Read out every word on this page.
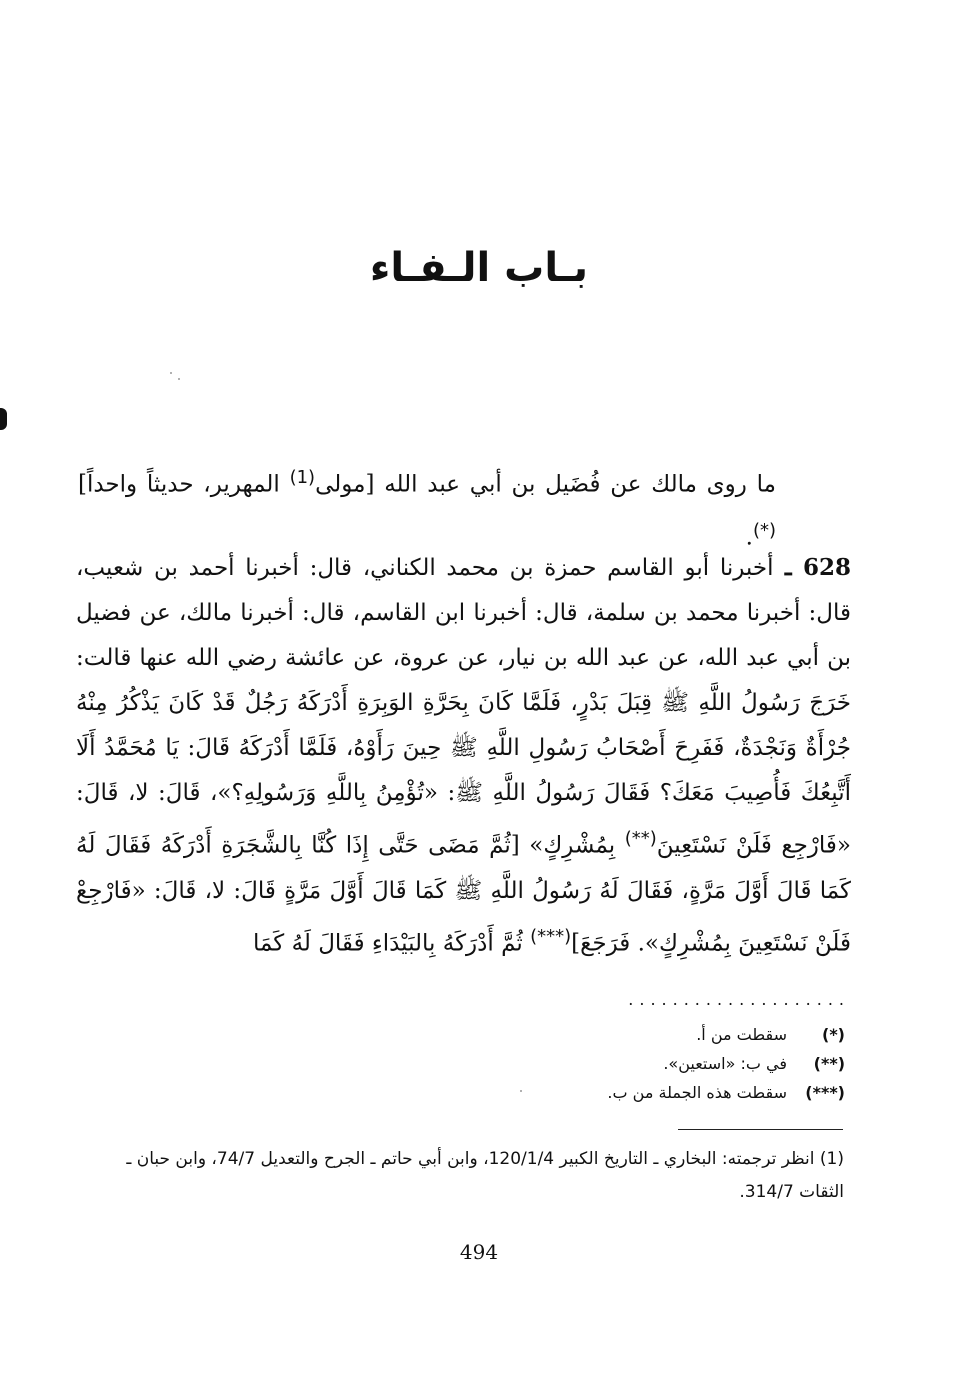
بـاب الـفـاء

ما روى مالك عن فُضَيل بن أبي عبد الله [مولى$^{(1)}$ المهرير، حديثاً واحداً](*).

628 ـ أخبرنا أبو القاسم حمزة بن محمد الكناني، قال: أخبرنا أحمد بن شعيب، قال: أخبرنا محمد بن سلمة، قال: أخبرنا ابن القاسم، قال: أخبرنا مالك، عن فضيل بن أبي عبد الله، عن عبد الله بن نيار، عن عروة، عن عائشة رضي الله عنها قالت: خَرَجَ رَسُولُ اللَّهِ ﷺ قِبَلَ بَدْرٍ، فَلَمَّا كَانَ بِحَرَّةِ الوَبِرَةِ أَدْرَكَهُ رَجُلٌ قَدْ كَانَ يَذْكُرُ مِنْهُ جُرْأَةٌ وَنَجْدَةٌ، فَفَرِحَ أَصْحَابُ رَسُولِ اللَّهِ ﷺ حِينَ رَأَوْهُ، فَلَمَّا أَدْرَكَهُ قَالَ: يَا مُحَمَّدُ أَلَا أَتَّبِعُكَ فَأُصِيبَ مَعَكَ؟ فَقَالَ رَسُولُ اللَّهِ ﷺ: «تُؤْمِنُ بِاللَّهِ وَرَسُولِهِ؟»، قَالَ: لا، قَالَ: «فَارْجِع فَلَنْ نَسْتَعِينَ(**) بِمُشْرِكٍ» [ثُمَّ مَضَى حَتَّى إِذَا كُنَّا بِالشَّجَرَةِ أَدْرَكَهُ فَقَالَ لَهُ كَمَا قَالَ أَوَّلَ مَرَّةٍ، فَقَالَ لَهُ رَسُولُ اللَّهِ ﷺ كَمَا قَالَ أَوَّلَ مَرَّةٍ قَالَ: لا، قَالَ: «فَارْجِعْ فَلَنْ نَسْتَعِينَ بِمُشْرِكٍ». فَرَجَعَ](***) ثُمَّ أَدْرَكَهُ بِالبَيْدَاءِ فَقَالَ لَهُ كَمَا

....................
(*)
سقطت من أ.
(**)
في ب: «استعين».
(***)
سقطت هذه الجملة من ب.
(1) انظر ترجمته: البخاري ـ التاريخ الكبير 120/1/4، وابن أبي حاتم ـ الجرح والتعديل 74/7، وابن حبان ـ الثقات 314/7.
494
